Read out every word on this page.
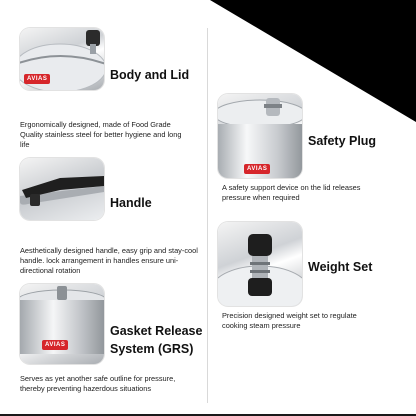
AVIAS	Body and Lid
Ergonomically designed, made of Food Grade Quality stainless steel for better hygiene and long life
Handle
Aesthetically designed handle, easy grip and stay-cool handle. lock arrangement in handles ensure uni-directional rotation
AVIAS
Gasket Release
System (GRS)
Serves as yet another safe outline for pressure, thereby preventing hazerdous situations
AVIAS
Safety Plug
A safety support device on the lid releases pressure when required
Weight Set
Precision designed weight set to regulate cooking steam pressure
